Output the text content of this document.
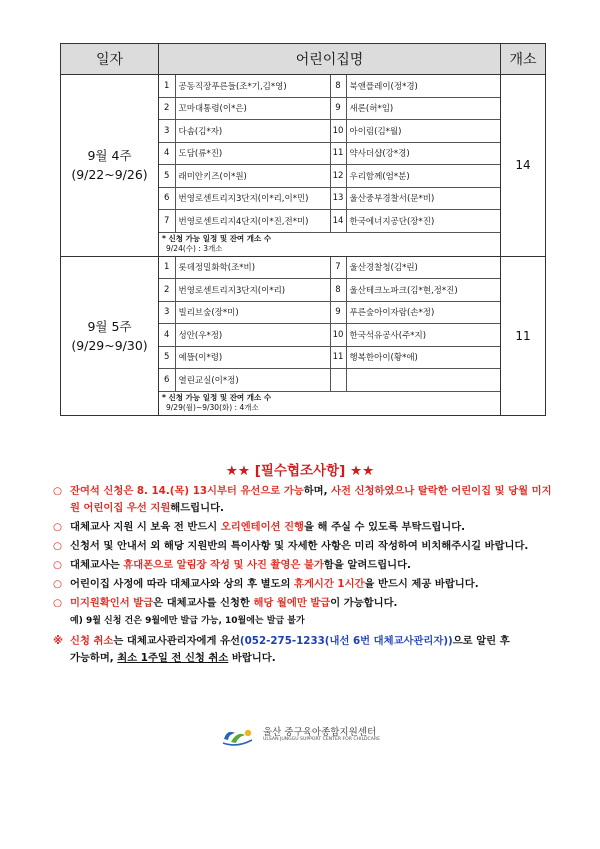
일자	어린이집명	개소

9월 4주
(9/22~9/26)

1	공동직장푸른들(조*기,김*영)	8	북앤플레이(정*경)
2	꼬마대통령(이*은)	9	새론(허*임)
3	다솜(김*자)	10	아이림(김*월)
4	도담(류*진)	11	약사더샵(강*경)
5	래미안키즈(이*원)	12	우리함께(엄*분)
6	번영로센트리지3단지(이*리,이*민)	13	울산중부경찰서(문*비)
7	번영로센트리지4단지(이*진,전*미)	14	한국에너지공단(장*진)
* 신청 가능 일정 및 잔여 개소 수
9/24(수) : 3개소
	14

9월 5주
(9/29~9/30)

1	롯데정밀화학(조*비)	7	울산경찰청(김*린)
2	번영로센트리지3단지(이*리)	8	울산테크노파크(김*현,정*진)
3	빌리브숲(장*미)	9	푸른숲아이자람(손*정)
4	성안(우*정)	10	한국석유공사(주*지)
5	예뜰(이*령)	11	행복한아이(황*애)
6	열린교실(이*정)		
* 신청 가능 일정 및 잔여 개소 수
9/29(월)~9/30(화) : 4개소
	11
★★ [필수협조사항] ★★
○ 잔여석 신청은 8. 14.(목) 13시부터 유선으로 가능하며, 사전 신청하였으나 탈락한 어린이집 및 당월 미지원 어린이집 우선 지원해드립니다.
○ 대체교사 지원 시 보육 전 반드시 오리엔테이션 진행을 해 주실 수 있도록 부탁드립니다.
○ 신청서 및 안내서 외 해당 지원반의 특이사항 및 자세한 사항은 미리 작성하여 비치해주시길 바랍니다.
○ 대체교사는 휴대폰으로 알림장 작성 및 사진 촬영은 불가함을 알려드립니다.
○ 어린이집 사정에 따라 대체교사와 상의 후 별도의 휴게시간 1시간을 반드시 제공 바랍니다.
○ 미지원확인서 발급은 대체교사를 신청한 해당 월에만 발급이 가능합니다.
예) 9월 신청 건은 9월에만 발급 가능, 10월에는 발급 불가
※ 신청 취소는 대체교사관리자에게 유선(052-275-1233(내선 6번 대체교사관리자))으로 알린 후
가능하며, 최소 1주일 전 신청 취소 바랍니다.
울산 중구육아종합지원센터
ULSAN JUNGGU SUPPORT CENTER FOR CHILDCARE
